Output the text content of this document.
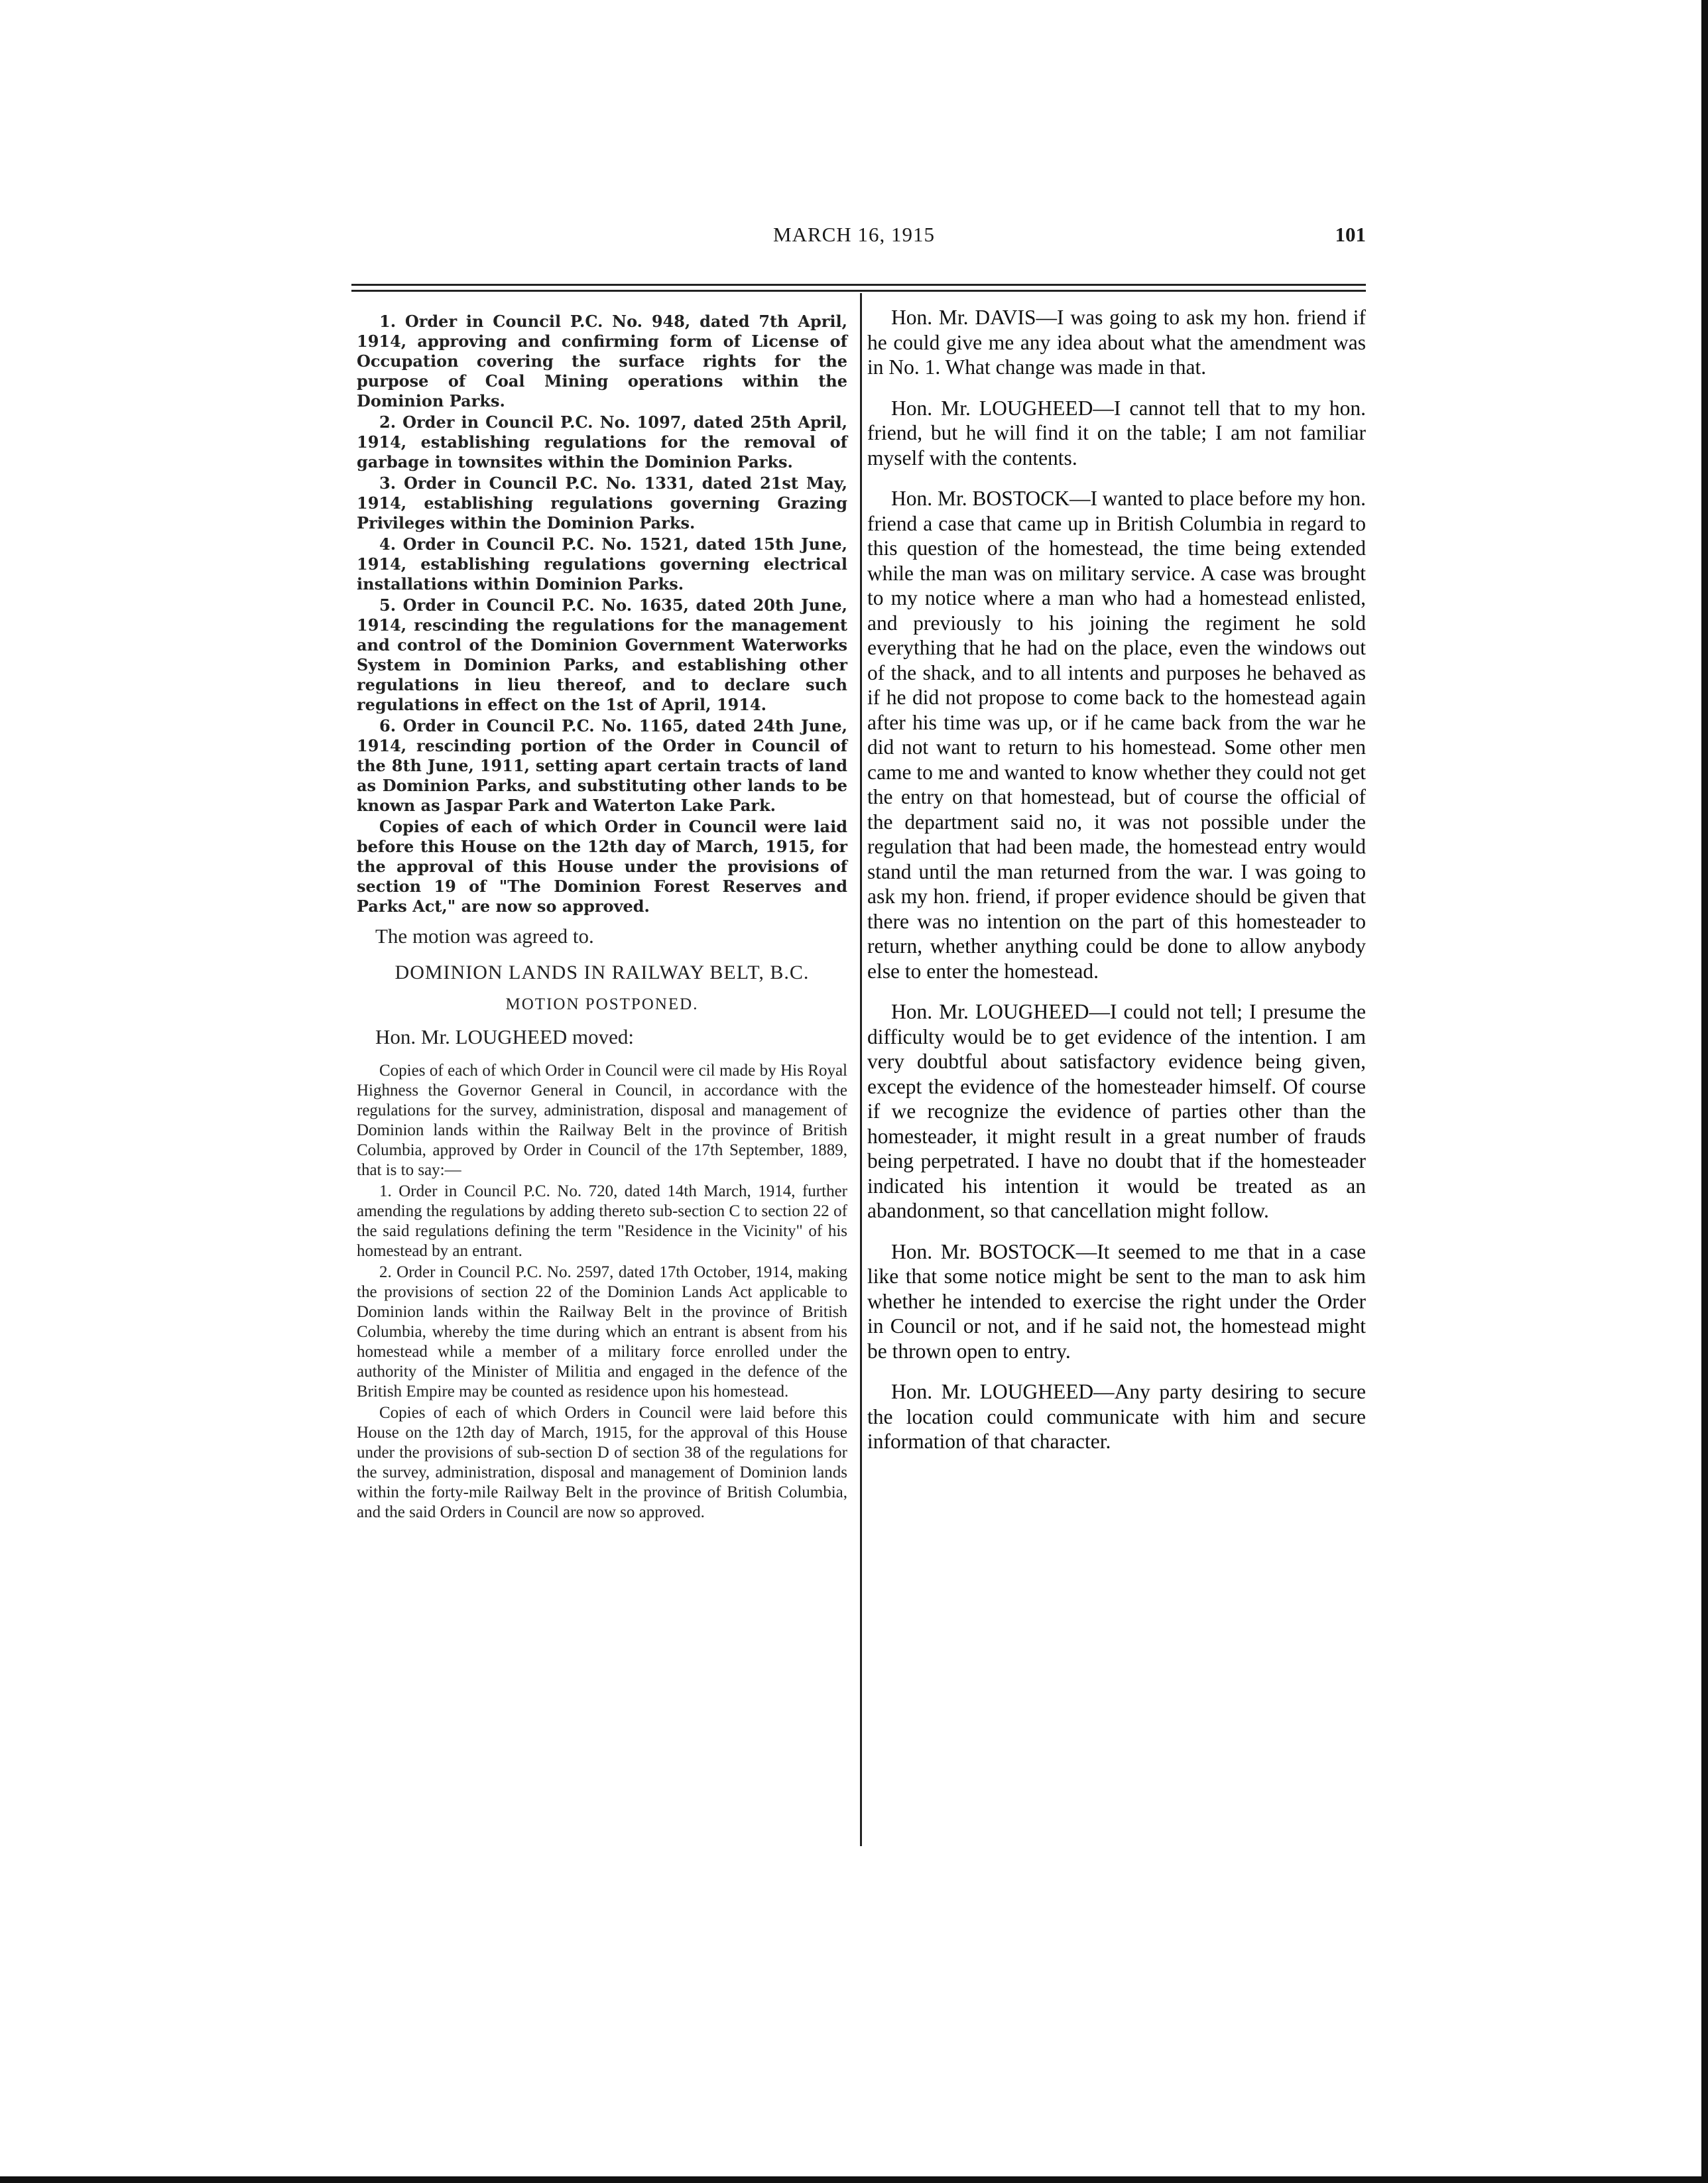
MARCH 16, 1915	101

1. Order in Council P.C. No. 948, dated 7th April, 1914, approving and confirming form of License of Occupation covering the surface rights for the purpose of Coal Mining operations within the Dominion Parks.

2. Order in Council P.C. No. 1097, dated 25th April, 1914, establishing regulations for the removal of garbage in townsites within the Dominion Parks.

3. Order in Council P.C. No. 1331, dated 21st May, 1914, establishing regulations governing Grazing Privileges within the Dominion Parks.

4. Order in Council P.C. No. 1521, dated 15th June, 1914, establishing regulations governing electrical installations within Dominion Parks.

5. Order in Council P.C. No. 1635, dated 20th June, 1914, rescinding the regulations for the management and control of the Dominion Government Waterworks System in Dominion Parks, and establishing other regulations in lieu thereof, and to declare such regulations in effect on the 1st of April, 1914.

6. Order in Council P.C. No. 1165, dated 24th June, 1914, rescinding portion of the Order in Council of the 8th June, 1911, setting apart certain tracts of land as Dominion Parks, and substituting other lands to be known as Jaspar Park and Waterton Lake Park.

Copies of each of which Order in Council were laid before this House on the 12th day of March, 1915, for the approval of this House under the provisions of section 19 of "The Dominion Forest Reserves and Parks Act," are now so approved.

The motion was agreed to.

DOMINION LANDS IN RAILWAY BELT, B.C.
MOTION POSTPONED.

Hon. Mr. LOUGHEED moved:

Copies of each of which Order in Council were cil made by His Royal Highness the Governor General in Council, in accordance with the regulations for the survey, administration, disposal and management of Dominion lands within the Railway Belt in the province of British Columbia, approved by Order in Council of the 17th September, 1889, that is to say:—

1. Order in Council P.C. No. 720, dated 14th March, 1914, further amending the regulations by adding thereto sub-section C to section 22 of the said regulations defining the term "Residence in the Vicinity" of his homestead by an entrant.

2. Order in Council P.C. No. 2597, dated 17th October, 1914, making the provisions of section 22 of the Dominion Lands Act applicable to Dominion lands within the Railway Belt in the province of British Columbia, whereby the time during which an entrant is absent from his homestead while a member of a military force enrolled under the authority of the Minister of Militia and engaged in the defence of the British Empire may be counted as residence upon his homestead.

Copies of each of which Orders in Council were laid before this House on the 12th day of March, 1915, for the approval of this House under the provisions of sub-section D of section 38 of the regulations for the survey, administration, disposal and management of Dominion lands within the forty-mile Railway Belt in the province of British Columbia, and the said Orders in Council are now so approved.

Hon. Mr. DAVIS—I was going to ask my hon. friend if he could give me any idea about what the amendment was in No. 1. What change was made in that.

Hon. Mr. LOUGHEED—I cannot tell that to my hon. friend, but he will find it on the table; I am not familiar myself with the contents.

Hon. Mr. BOSTOCK—I wanted to place before my hon. friend a case that came up in British Columbia in regard to this question of the homestead, the time being extended while the man was on military service. A case was brought to my notice where a man who had a homestead enlisted, and previously to his joining the regiment he sold everything that he had on the place, even the windows out of the shack, and to all intents and purposes he behaved as if he did not propose to come back to the homestead again after his time was up, or if he came back from the war he did not want to return to his homestead. Some other men came to me and wanted to know whether they could not get the entry on that homestead, but of course the official of the department said no, it was not possible under the regulation that had been made, the homestead entry would stand until the man returned from the war. I was going to ask my hon. friend, if proper evidence should be given that there was no intention on the part of this homesteader to return, whether anything could be done to allow anybody else to enter the homestead.

Hon. Mr. LOUGHEED—I could not tell; I presume the difficulty would be to get evidence of the intention. I am very doubtful about satisfactory evidence being given, except the evidence of the homesteader himself. Of course if we recognize the evidence of parties other than the homesteader, it might result in a great number of frauds being perpetrated. I have no doubt that if the homesteader indicated his intention it would be treated as an abandonment, so that cancellation might follow.

Hon. Mr. BOSTOCK—It seemed to me that in a case like that some notice might be sent to the man to ask him whether he intended to exercise the right under the Order in Council or not, and if he said not, the homestead might be thrown open to entry.

Hon. Mr. LOUGHEED—Any party desiring to secure the location could communicate with him and secure information of that character.
